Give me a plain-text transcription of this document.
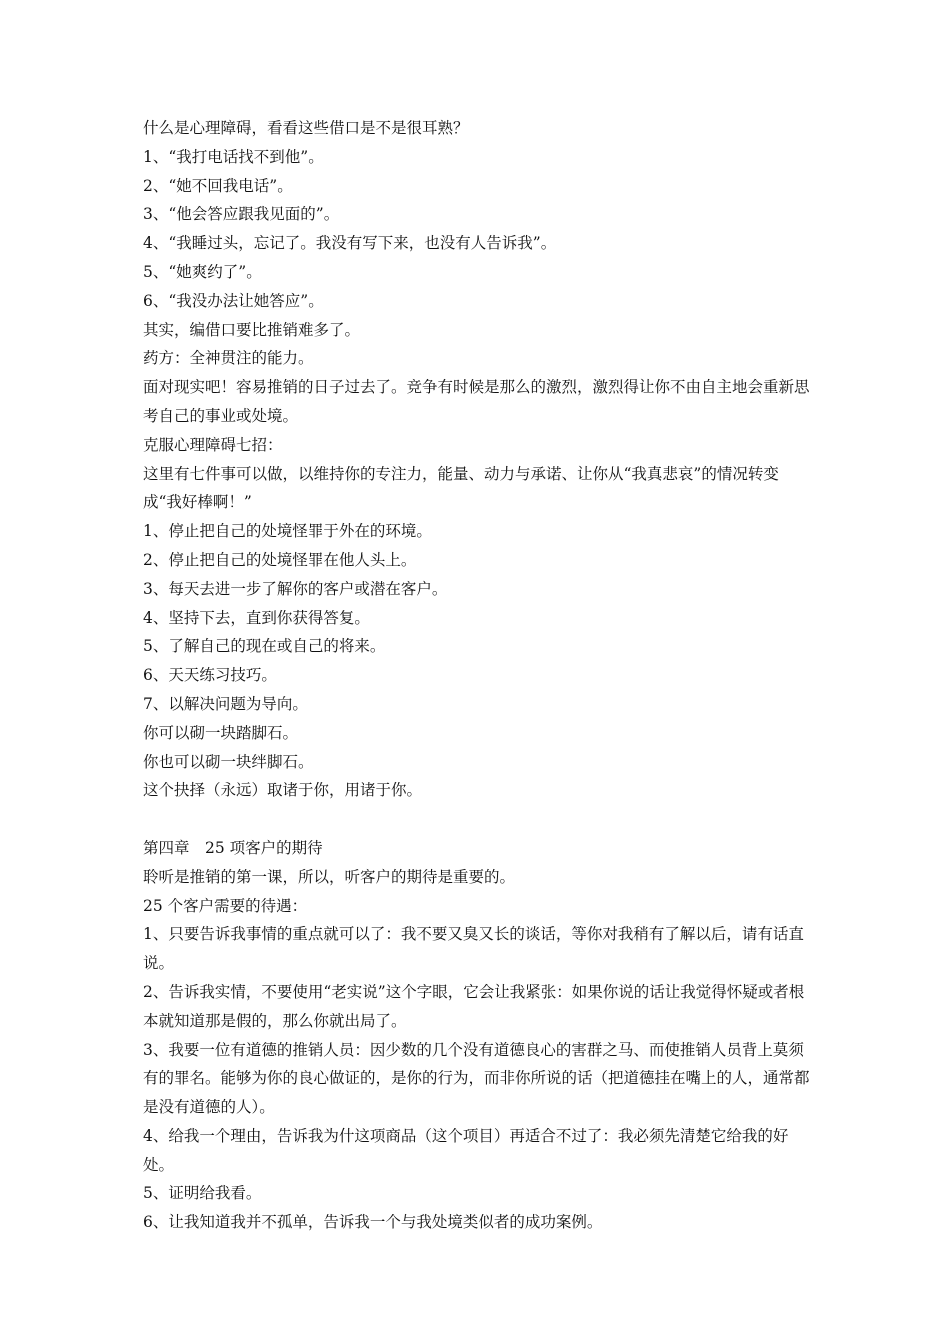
什么是心理障碍，看看这些借口是不是很耳熟？

1、“我打电话找不到他”。

2、“她不回我电话”。

3、“他会答应跟我见面的”。

4、“我睡过头，忘记了。我没有写下来，也没有人告诉我”。

5、“她爽约了”。

6、“我没办法让她答应”。

其实，编借口要比推销难多了。

药方：全神贯注的能力。

面对现实吧！容易推销的日子过去了。竞争有时候是那么的激烈，激烈得让你不由自主地会重新思考自己的事业或处境。

克服心理障碍七招：

这里有七件事可以做，以维持你的专注力，能量、动力与承诺、让你从“我真悲哀”的情况转变成“我好棒啊！”

1、停止把自己的处境怪罪于外在的环境。

2、停止把自己的处境怪罪在他人头上。

3、每天去进一步了解你的客户或潜在客户。

4、坚持下去，直到你获得答复。

5、了解自己的现在或自己的将来。

6、天天练习技巧。

7、以解决问题为导向。

你可以砌一块踏脚石。

你也可以砌一块绊脚石。

这个抉择（永远）取诸于你，用诸于你。

第四章　25 项客户的期待

聆听是推销的第一课，所以，听客户的期待是重要的。

25 个客户需要的待遇：

1、只要告诉我事情的重点就可以了：我不要又臭又长的谈话，等你对我稍有了解以后，请有话直说。

2、告诉我实情，不要使用“老实说”这个字眼，它会让我紧张：如果你说的话让我觉得怀疑或者根本就知道那是假的，那么你就出局了。

3、我要一位有道德的推销人员：因少数的几个没有道德良心的害群之马、而使推销人员背上莫须有的罪名。能够为你的良心做证的，是你的行为，而非你所说的话（把道德挂在嘴上的人，通常都是没有道德的人）。

4、给我一个理由，告诉我为什这项商品（这个项目）再适合不过了：我必须先清楚它给我的好处。

5、证明给我看。

6、让我知道我并不孤单，告诉我一个与我处境类似者的成功案例。
